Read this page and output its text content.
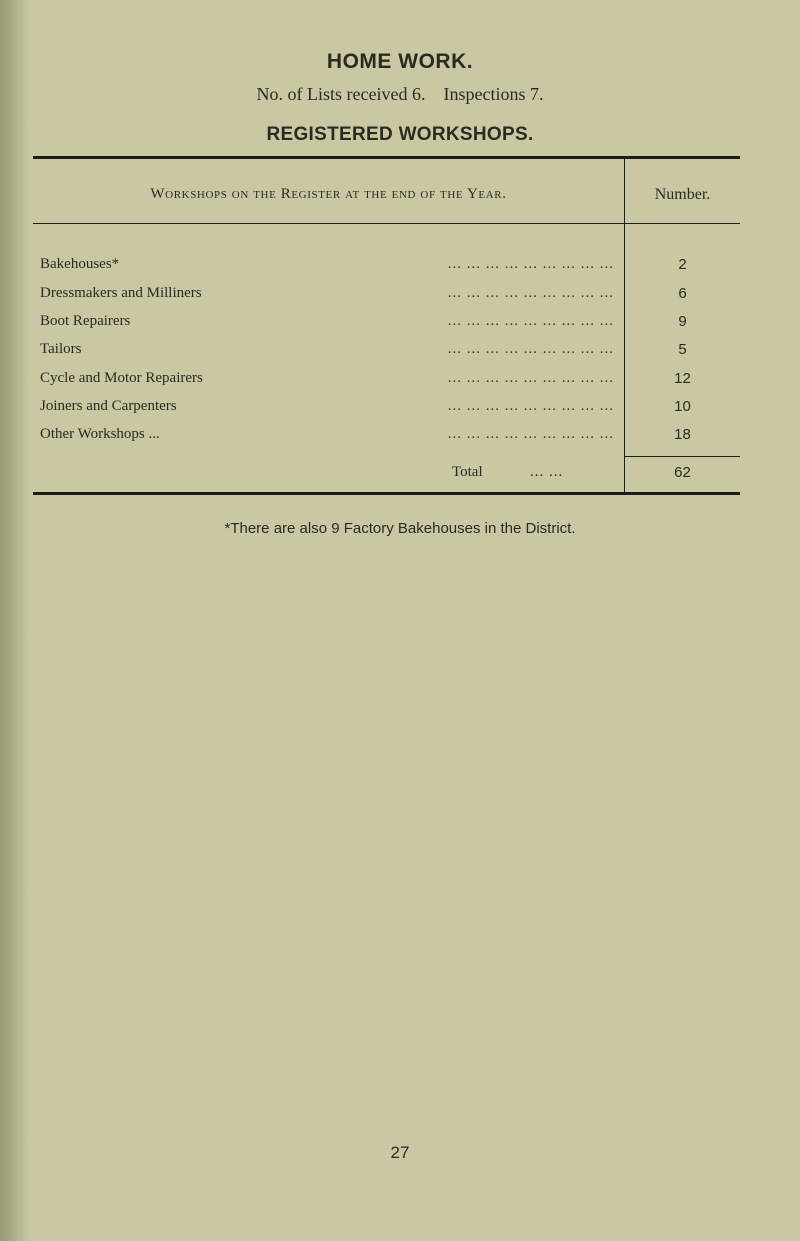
HOME WORK.
No. of Lists received 6.    Inspections 7.
REGISTERED WORKSHOPS.
Workshops on the Register at the end of the Year.	Number.
Bakehouses*	... ... ... ... ... ... ... ... ...	2
Dressmakers and Milliners	... ... ... ... ... ... ... ... ...	6
Boot Repairers	... ... ... ... ... ... ... ... ...	9
Tailors	... ... ... ... ... ... ... ... ...	5
Cycle and Motor Repairers	... ... ... ... ... ... ... ... ...	12
Joiners and Carpenters	... ... ... ... ... ... ... ... ...	10
Other Workshops ...	... ... ... ... ... ... ... ... ...	18
Total	... ...	62
*There are also 9 Factory Bakehouses in the District.
27
